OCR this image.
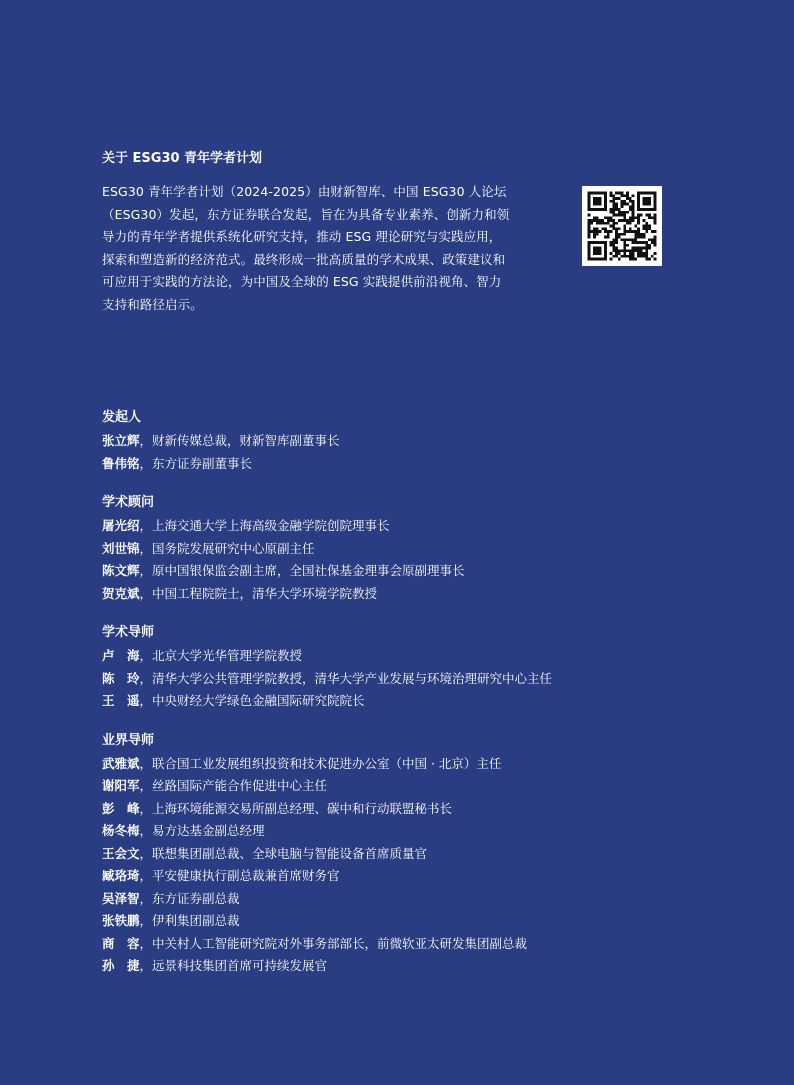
关于 ESG30 青年学者计划
ESG30 青年学者计划（2024-2025）由财新智库、中国 ESG30 人论坛
（ESG30）发起，东方证券联合发起，旨在为具备专业素养、创新力和领
导力的青年学者提供系统化研究支持，推动 ESG 理论研究与实践应用，
探索和塑造新的经济范式。最终形成一批高质量的学术成果、政策建议和
可应用于实践的方法论，为中国及全球的 ESG 实践提供前沿视角、智力
支持和路径启示。
发起人
张立辉，财新传媒总裁，财新智库副董事长
鲁伟铭，东方证券副董事长
学术顾问
屠光绍，上海交通大学上海高级金融学院创院理事长
刘世锦，国务院发展研究中心原副主任
陈文辉，原中国银保监会副主席，全国社保基金理事会原副理事长
贺克斌，中国工程院院士，清华大学环境学院教授
学术导师
卢　海，北京大学光华管理学院教授
陈　玲，清华大学公共管理学院教授，清华大学产业发展与环境治理研究中心主任
王　遥，中央财经大学绿色金融国际研究院院长
业界导师
武雅斌，联合国工业发展组织投资和技术促进办公室（中国 · 北京）主任
谢阳军，丝路国际产能合作促进中心主任
彭　峰，上海环境能源交易所副总经理、碳中和行动联盟秘书长
杨冬梅，易方达基金副总经理
王会文，联想集团副总裁、全球电脑与智能设备首席质量官
臧珞琦，平安健康执行副总裁兼首席财务官
吴泽智，东方证券副总裁
张铁鹏，伊利集团副总裁
商　容，中关村人工智能研究院对外事务部部长，前微软亚太研发集团副总裁
孙　捷，远景科技集团首席可持续发展官
